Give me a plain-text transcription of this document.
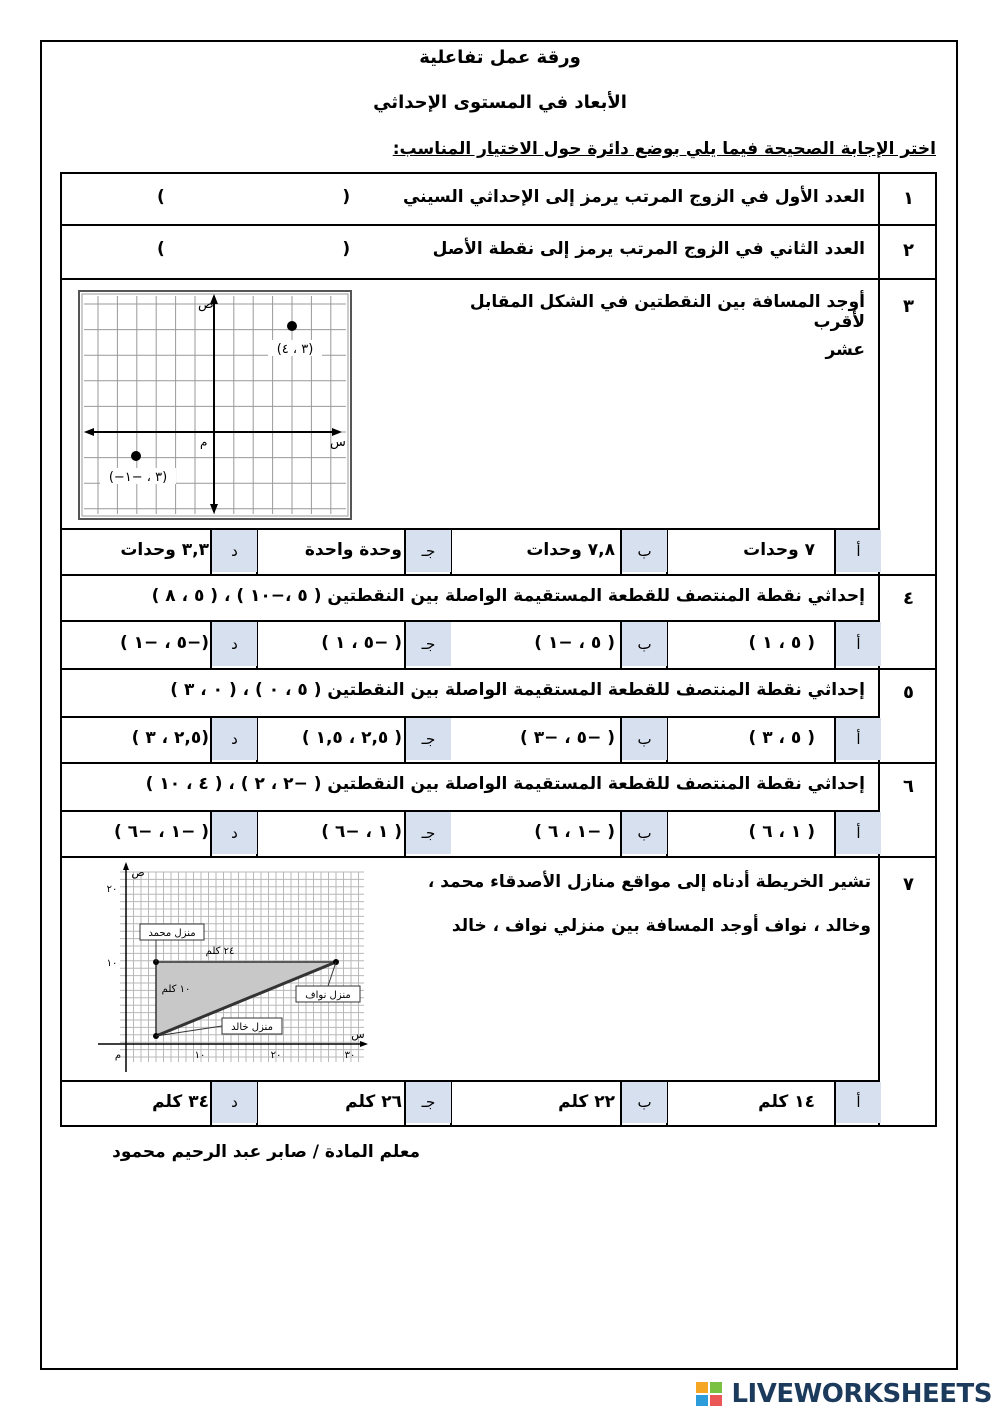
ورقة عمل تفاعلية
الأبعاد في المستوى الإحداثي
اختر الإجابة الصحيحة فيما يلي بوضع دائرة حول الاختيار المناسب:
١
العدد الأول في الزوج المرتب يرمز إلى الإحداثي السيني
(                              )
٢
العدد الثاني في الزوج المرتب يرمز إلى نقطة الأصل
(                              )
٣
أوجد المسافة بين النقطتين في الشكل المقابل لأقرب
عشر
(٣ ، ٤)
(−٣ ، −١)
س
ص
م
أ
٧ وحدات
ب
٧,٨ وحدات
جـ
وحدة واحدة
د
٣,٣ وحدات
٤
إحداثي نقطة المنتصف للقطعة المستقيمة الواصلة بين النقطتين ( ٥ ،−١٠ ) ، ( ٥ ، ٨ )
أ
( ٥ ، ١ )
ب
( ٥ ، −١ )
جـ
( −٥ ، ١ )
د
(−٥ ، −١ )
٥
إحداثي نقطة المنتصف للقطعة المستقيمة الواصلة بين النقطتين ( ٥ ، ٠ ) ، ( ٠ ، ٣ )
أ
( ٥ ، ٣ )
ب
( −٥ ، −٣ )
جـ
( ٢,٥ ، ١,٥ )
د
(٢,٥ ، ٣ )
٦
إحداثي نقطة المنتصف للقطعة المستقيمة الواصلة بين النقطتين ( −٢ ، ٢ ) ، ( ٤ ، ١٠ )
أ
( ١ ، ٦ )
ب
( −١ ، ٦ )
جـ
( ١ ، −٦ )
د
( −١ ، −٦ )
٧
تشير الخريطة أدناه إلى مواقع منازل الأصدقاء محمد ،
وخالد ، نواف أوجد المسافة بين منزلي نواف ، خالد
منزل محمد
منزل نواف
منزل خالد
٢٤ كلم
١٠ كلم
١٠	٢٠	٣٠
١٠
٢٠
س
ص
م
أ
١٤ كلم
ب
٢٢ كلم
جـ
٢٦ كلم
د
٣٤ كلم
معلم المادة / صابر عبد الرحيم محمود
LIVEWORKSHEETS
